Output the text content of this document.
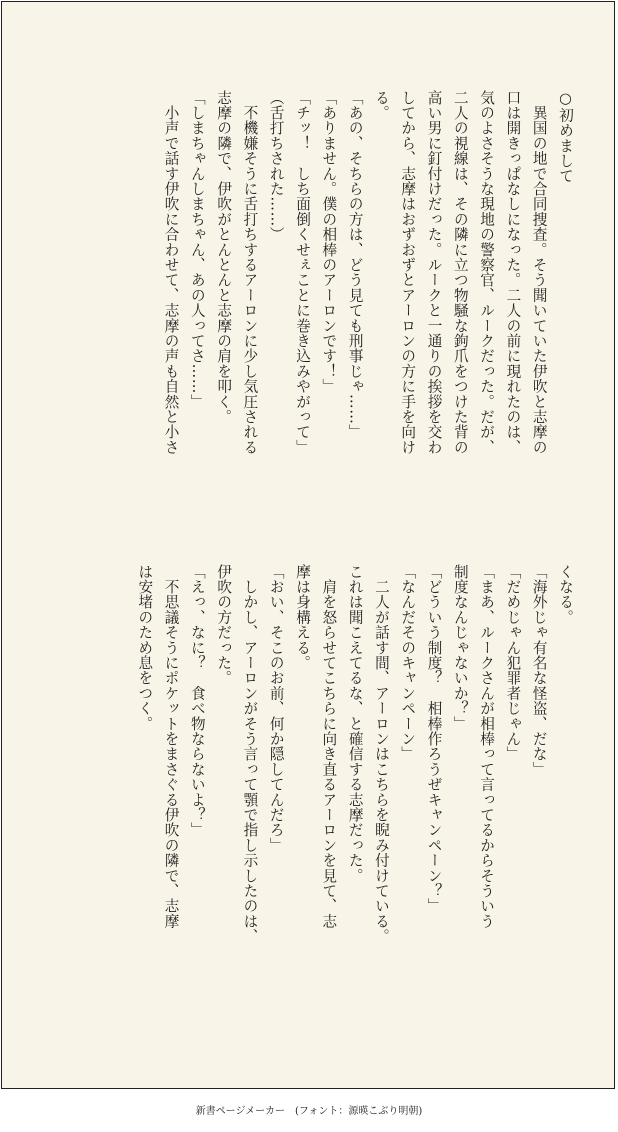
○初めまして

　異国の地で合同捜査。そう聞いていた伊吹と志摩の

口は開きっぱなしになった。二人の前に現れたのは、

気のよさそうな現地の警察官、ルークだった。だが、

二人の視線は、その隣に立つ物騒な鉤爪をつけた背の

高い男に釘付けだった。ルークと一通りの挨拶を交わ

してから、志摩はおずおずとアーロンの方に手を向け

る。

「あの、そちらの方は、どう見ても刑事じゃ……」

「ありません。僕の相棒のアーロンです！」

「チッ！　しち面倒くせぇことに巻き込みやがって」

（舌打ちされた……）

　不機嫌そうに舌打ちするアーロンに少し気圧される

志摩の隣で、伊吹がとんとんと志摩の肩を叩く。

「しまちゃんしまちゃん、あの人ってさ……」

　小声で話す伊吹に合わせて、志摩の声も自然と小さ

くなる。

「海外じゃ有名な怪盗、だな」

「だめじゃん犯罪者じゃん」

「まあ、ルークさんが相棒って言ってるからそういう

制度なんじゃないか？」

「どういう制度？　相棒作ろうぜキャンペーン？」

「なんだそのキャンペーン」

　二人が話す間、アーロンはこちらを睨み付けている。

これは聞こえてるな、と確信する志摩だった。

　肩を怒らせてこちらに向き直るアーロンを見て、志

摩は身構える。

「おい、そこのお前、何か隠してんだろ」

　しかし、アーロンがそう言って顎で指し示したのは、

伊吹の方だった。

「えっ、なに？　食べ物ならないよ？」

　不思議そうにポケットをまさぐる伊吹の隣で、志摩

は安堵のため息をつく。

新書ページメーカー　(フォント：源暎こぶり明朝)
